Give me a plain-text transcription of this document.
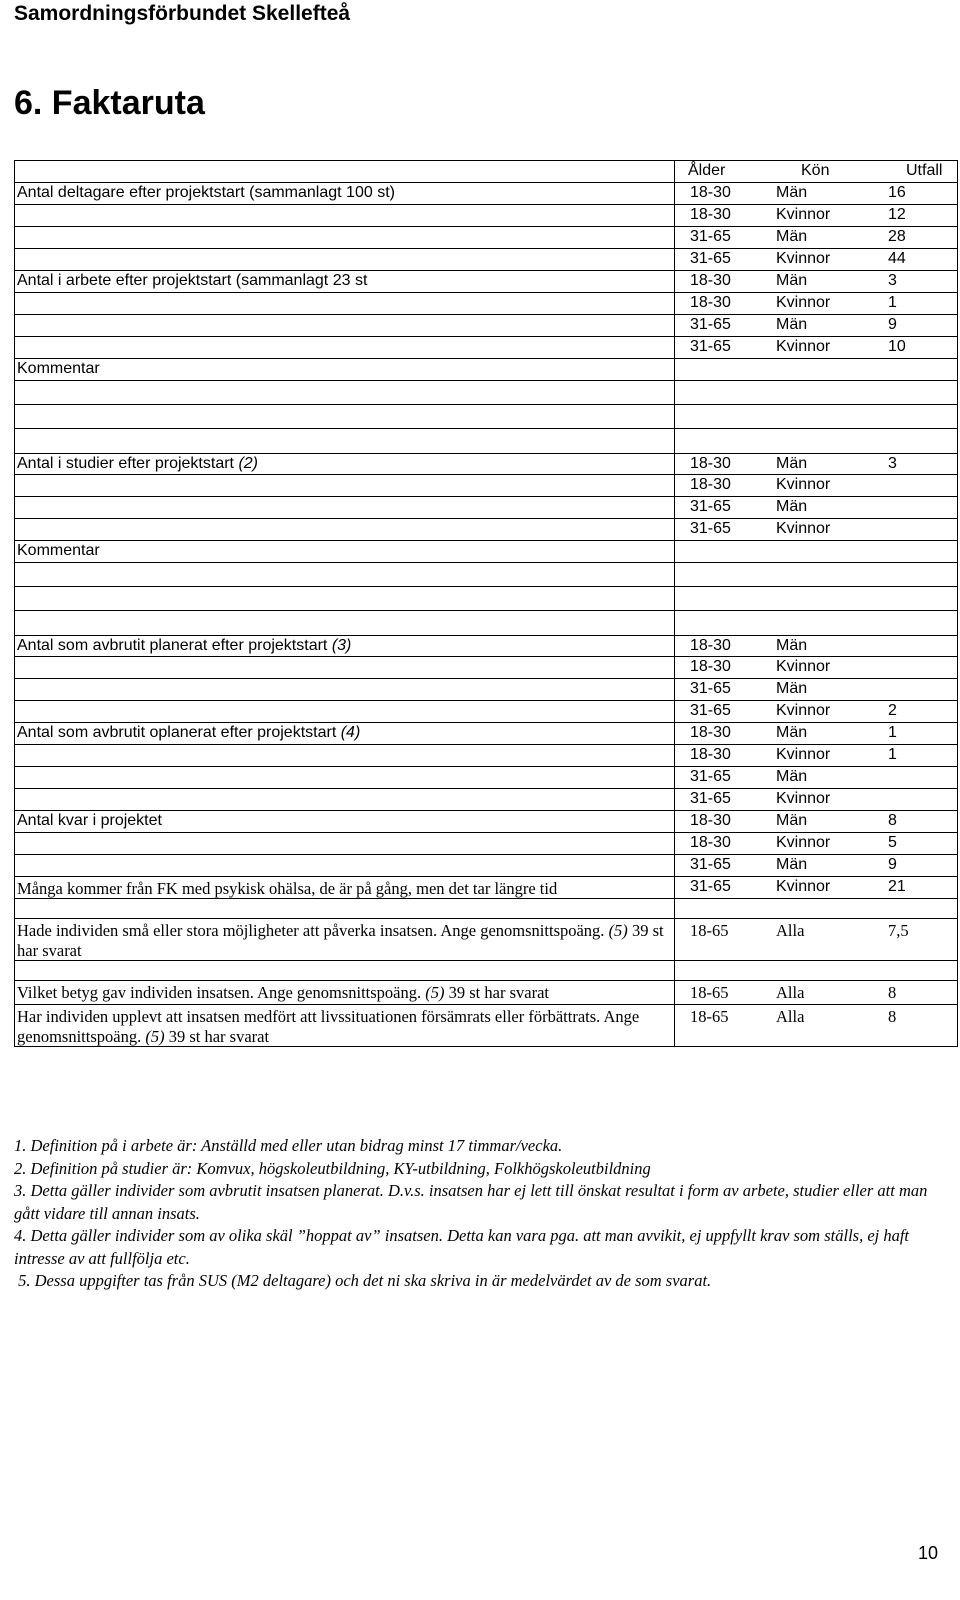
Samordningsförbundet Skellefteå
6. Faktaruta
Ålder	Kön	Utfall
Antal deltagare efter projektstart (sammanlagt 100 st)	18-30	Män	16
18-30	Kvinnor	12
31-65	Män	28
31-65	Kvinnor	44
Antal i arbete efter projektstart (sammanlagt 23 st	18-30	Män	3
18-30	Kvinnor	1
31-65	Män	9
31-65	Kvinnor	10
Kommentar
Antal i studier efter projektstart (2)	18-30	Män	3
18-30	Kvinnor
31-65	Män
31-65	Kvinnor
Kommentar
Antal som avbrutit planerat efter projektstart (3)	18-30	Män
18-30	Kvinnor
31-65	Män
31-65	Kvinnor	2
Antal som avbrutit oplanerat efter projektstart (4)	18-30	Män	1
18-30	Kvinnor	1
31-65	Män
31-65	Kvinnor
Antal kvar i projektet	18-30	Män	8
18-30	Kvinnor	5
31-65	Män	9
Många kommer från FK med psykisk ohälsa, de är på gång, men det tar längre tid	31-65	Kvinnor	21
Hade individen små eller stora möjligheter att påverka insatsen. Ange genomsnittspoäng. (5) 39 st har svarat
18-65	Alla	7,5
Vilket betyg gav individen insatsen. Ange genomsnittspoäng. (5) 39 st har svarat	18-65	Alla	8
Har individen upplevt att insatsen medfört att livssituationen försämrats eller förbättrats. Ange genomsnittspoäng. (5) 39 st har svarat
18-65	Alla	8

1. Definition på i arbete är: Anställd med eller utan bidrag minst 17 timmar/vecka.

2. Definition på studier är: Komvux, högskoleutbildning, KY-utbildning, Folkhögskoleutbildning

3. Detta gäller individer som avbrutit insatsen planerat. D.v.s. insatsen har ej lett till önskat resultat i form av arbete, studier eller att man gått vidare till annan insats.

4. Detta gäller individer som av olika skäl ”hoppat av” insatsen. Detta kan vara pga. att man avvikit, ej uppfyllt krav som ställs, ej haft intresse av att fullfölja etc.

5. Dessa uppgifter tas från SUS (M2 deltagare) och det ni ska skriva in är medelvärdet av de som svarat.

10
